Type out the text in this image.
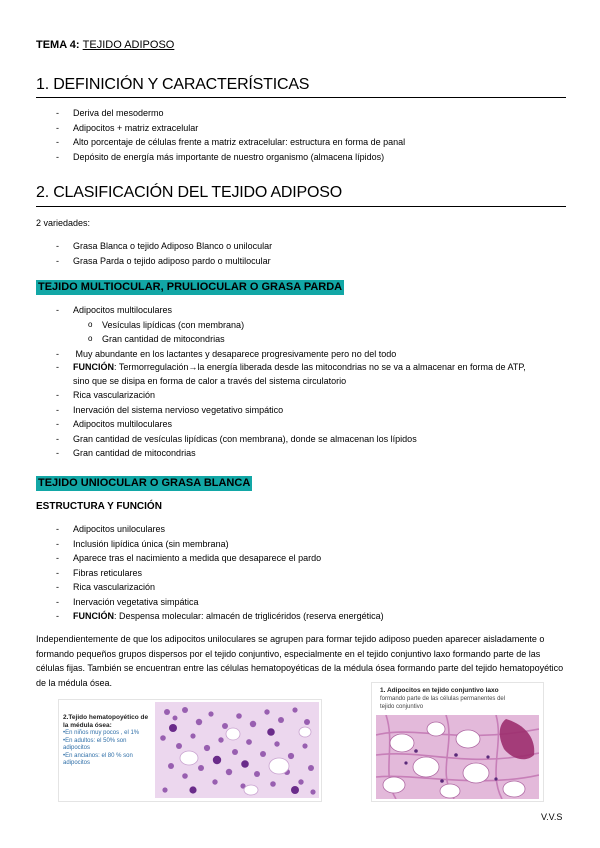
TEMA 4: TEJIDO ADIPOSO
1. DEFINICIÓN Y CARACTERÍSTICAS
- Deriva del mesodermo
- Adipocitos + matriz extracelular
- Alto porcentaje de células frente a matriz extracelular: estructura en forma de panal
- Depósito de energía más importante de nuestro organismo (almacena lípidos)
2. CLASIFICACIÓN DEL TEJIDO ADIPOSO
2 variedades:
- Grasa Blanca o tejido Adiposo Blanco o unilocular
- Grasa Parda o tejido adiposo pardo o multilocular
TEJIDO MULTIOCULAR, PRULIOCULAR O GRASA PARDA
- Adipocitos multiloculares
o Vesículas lipídicas (con membrana)
o Gran cantidad de mitocondrias
- Muy abundante en los lactantes y desaparece progresivamente pero no del todo
- FUNCIÓN: Termorregulación→la energía liberada desde las mitocondrias no se va a almacenar en forma de ATP, sino que se disipa en forma de calor a través del sistema circulatorio
- Rica vascularización
- Inervación del sistema nervioso vegetativo simpático
- Adipocitos multiloculares
- Gran cantidad de vesículas lipídicas (con membrana), donde se almacenan los lípidos
- Gran cantidad de mitocondrias
TEJIDO UNIOCULAR O GRASA BLANCA
ESTRUCTURA Y FUNCIÓN
- Adipocitos uniloculares
- Inclusión lipídica única (sin membrana)
- Aparece tras el nacimiento a medida que desaparece el pardo
- Fibras reticulares
- Rica vascularización
- Inervación vegetativa simpática
- FUNCIÓN: Despensa molecular: almacén de triglicéridos (reserva energética)
Independientemente de que los adipocitos uniloculares se agrupen para formar tejido adiposo pueden aparecer aisladamente o formando pequeños grupos dispersos por el tejido conjuntivo, especialmente en el tejido conjuntivo laxo formando parte de las células fijas. También se encuentran entre las células hematopoyéticas de la médula ósea formando parte del tejido hematopoyético de la médula ósea.
2.Tejido hematopoyético de la médula ósea:
•En niños muy pocos , el 1%
•En adultos: el 50% son adipocitos
•En ancianos: el 80 % son adipocitos
1. Adipocitos en tejido conjuntivo laxo
formando parte de las células permanentes del tejido conjuntivo
V.V.S
